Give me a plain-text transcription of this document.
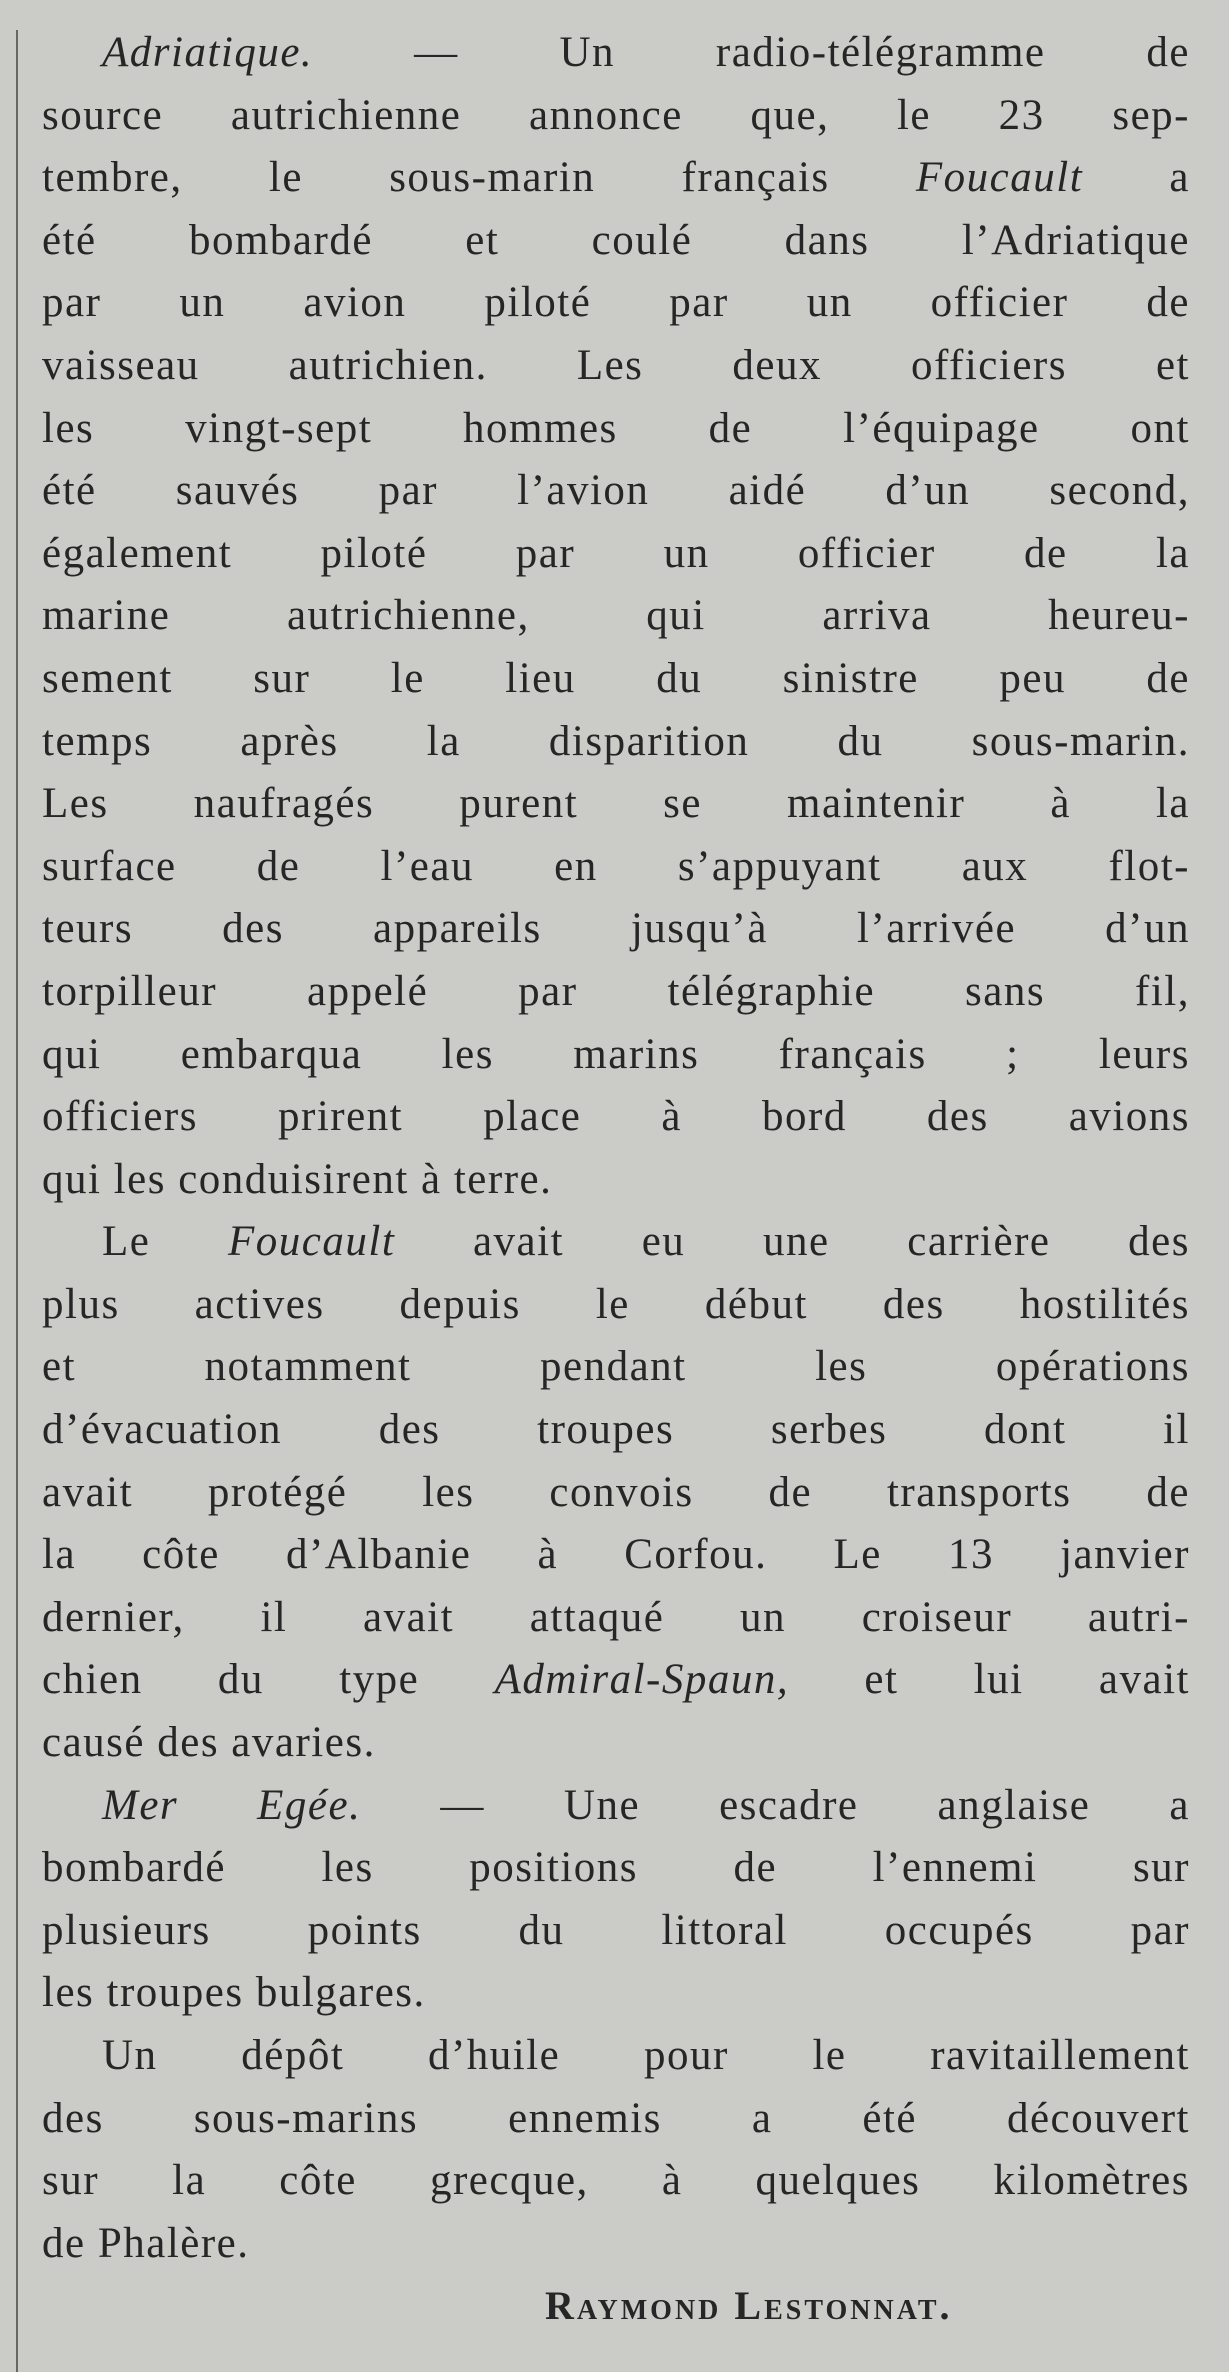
Adriatique. — Un radio-télégramme de
source autrichienne annonce que, le 23 sep-
tembre, le sous-marin français Foucault a
été bombardé et coulé dans l’Adriatique
par un avion piloté par un officier de
vaisseau autrichien. Les deux officiers et
les vingt-sept hommes de l’équipage ont
été sauvés par l’avion aidé d’un second,
également piloté par un officier de la
marine autrichienne, qui arriva heureu-
sement sur le lieu du sinistre peu de
temps après la disparition du sous-marin.
Les naufragés purent se maintenir à la
surface de l’eau en s’appuyant aux flot-
teurs des appareils jusqu’à l’arrivée d’un
torpilleur appelé par télégraphie sans fil,
qui embarqua les marins français ; leurs
officiers prirent place à bord des avions
qui les conduisirent à terre.
Le Foucault avait eu une carrière des
plus actives depuis le début des hostilités
et notamment pendant les opérations
d’évacuation des troupes serbes dont il
avait protégé les convois de transports de
la côte d’Albanie à Corfou. Le 13 janvier
dernier, il avait attaqué un croiseur autri-
chien du type Admiral-Spaun, et lui avait
causé des avaries.
Mer Egée. — Une escadre anglaise a
bombardé les positions de l’ennemi sur
plusieurs points du littoral occupés par
les troupes bulgares.
Un dépôt d’huile pour le ravitaillement
des sous-marins ennemis a été découvert
sur la côte grecque, à quelques kilomètres
de Phalère.
Raymond Lestonnat.
